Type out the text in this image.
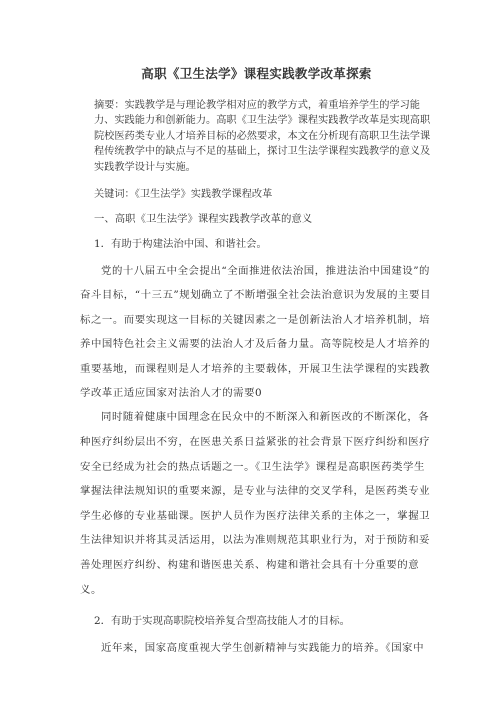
高职《卫生法学》课程实践教学改革探索

摘要：实践教学是与理论教学相对应的教学方式，着重培养学生的学习能力、实践能力和创新能力。高职《卫生法学》课程实践教学改革是实现高职院校医药类专业人才培养目标的必然要求，本文在分析现有高职卫生法学课程传统教学中的缺点与不足的基础上，探讨卫生法学课程实践教学的意义及实践教学设计与实施。

关键词：《卫生法学》实践教学课程改革

一、高职《卫生法学》课程实践教学改革的意义

1．有助于构建法治中国、和谐社会。

党的十八届五中全会提出“全面推进依法治国，推进法治中国建设”的奋斗目标，“十三五”规划确立了不断增强全社会法治意识为发展的主要目标之一。而要实现这一目标的关键因素之一是创新法治人才培养机制，培养中国特色社会主义需要的法治人才及后备力量。高等院校是人才培养的重要基地，而课程则是人才培养的主要载体，开展卫生法学课程的实践教学改革正适应国家对法治人才的需要0

同时随着健康中国理念在民众中的不断深入和新医改的不断深化，各种医疗纠纷层出不穷，在医患关系日益紧张的社会背景下医疗纠纷和医疗安全已经成为社会的热点话题之一。《卫生法学》课程是高职医药类学生掌握法律法规知识的重要来源，是专业与法律的交叉学科，是医药类专业学生必修的专业基础课。医护人员作为医疗法律关系的主体之一，掌握卫生法律知识并将其灵活运用，以法为准则规范其职业行为，对于预防和妥善处理医疗纠纷、构建和谐医患关系、构建和谐社会具有十分重要的意义。

2．有助于实现高职院校培养复合型高技能人才的目标。

近年来，国家高度重视大学生创新精神与实践能力的培养。《国家中
